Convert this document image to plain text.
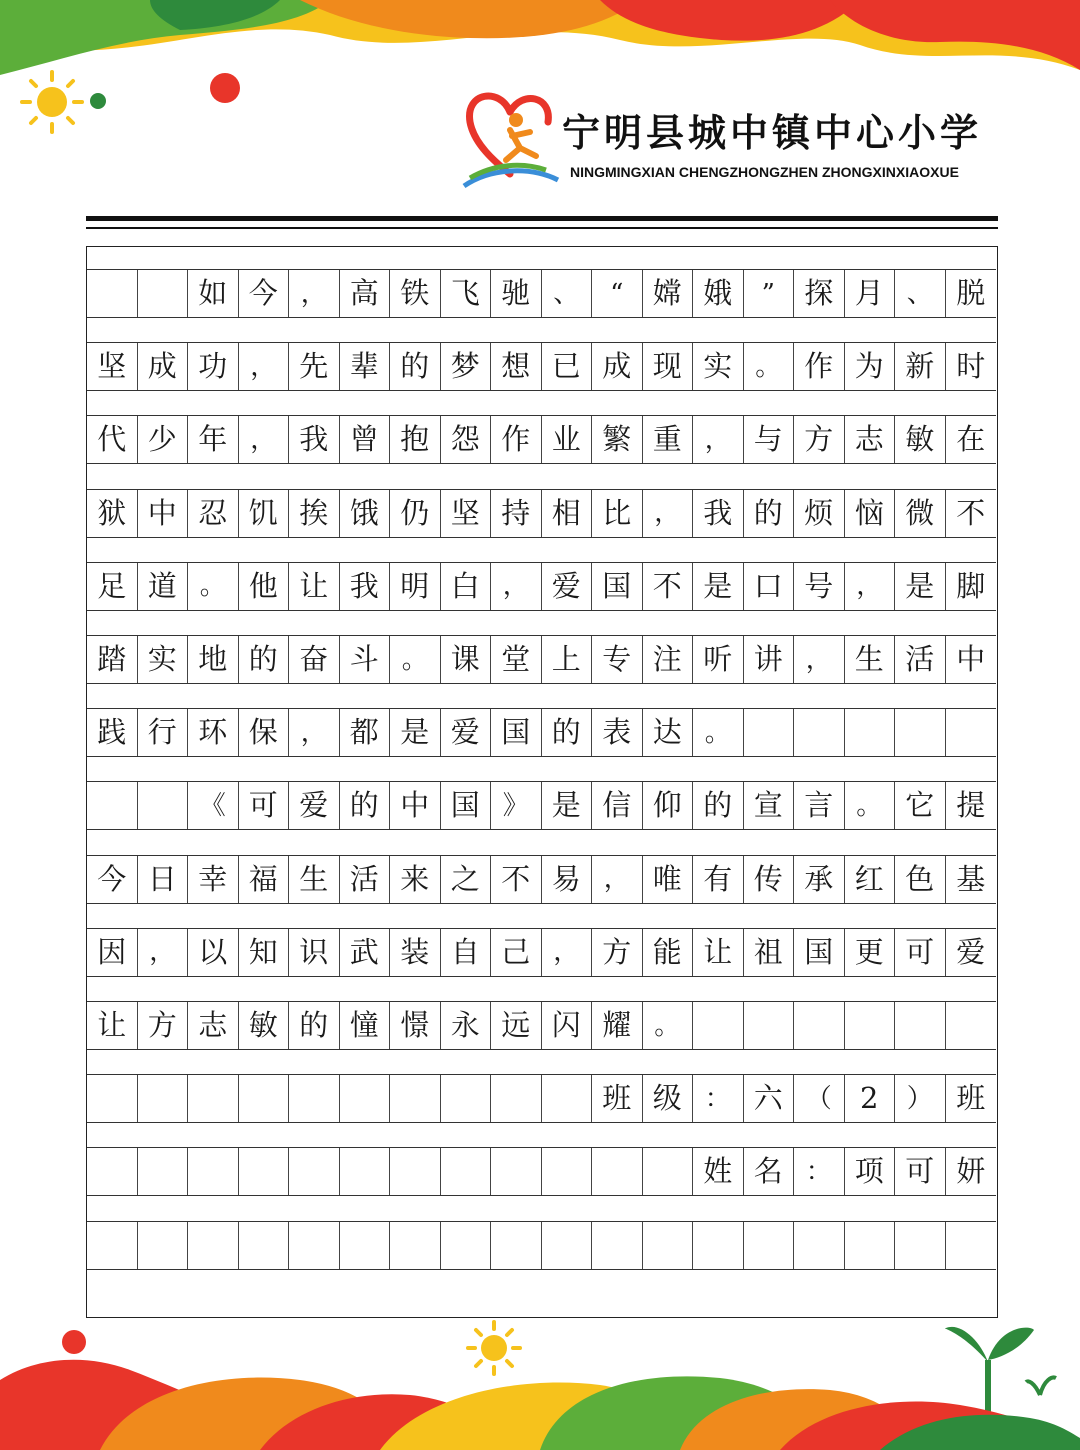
宁明县城中镇中心小学
NINGMINGXIAN CHENGZHONGZHEN ZHONGXINXIAOXUE
如 今 ， 高 铁 飞 驰 、	“	嫦 娥	”	探 月 、 脱
坚 成 功 ， 先 辈 的 梦 想 已 成 现 实 。 作 为 新 时
代 少 年 ， 我 曾 抱 怨 作 业 繁 重 ， 与 方 志 敏 在
狱 中 忍 饥 挨 饿 仍 坚 持 相 比 ， 我 的 烦 恼 微 不
足 道 。 他 让 我 明 白 ， 爱 国 不 是 口 号 ， 是 脚
踏 实 地 的 奋 斗 。 课 堂 上 专 注 听 讲 ， 生 活 中
践 行 环 保 ， 都 是 爱 国 的 表 达 。
《 可 爱 的 中 国 》 是 信 仰 的 宣 言 。 它 提
今 日 幸 福 生 活 来 之 不 易 ， 唯 有 传 承 红 色 基
因 ， 以 知 识 武 装 自 己 ， 方 能 让 祖 国 更 可 爱
让 方 志 敏 的 憧 憬 永 远 闪 耀 。
班 级 ： 六 （ 2	） 班
姓 名 ： 项 可 妍
